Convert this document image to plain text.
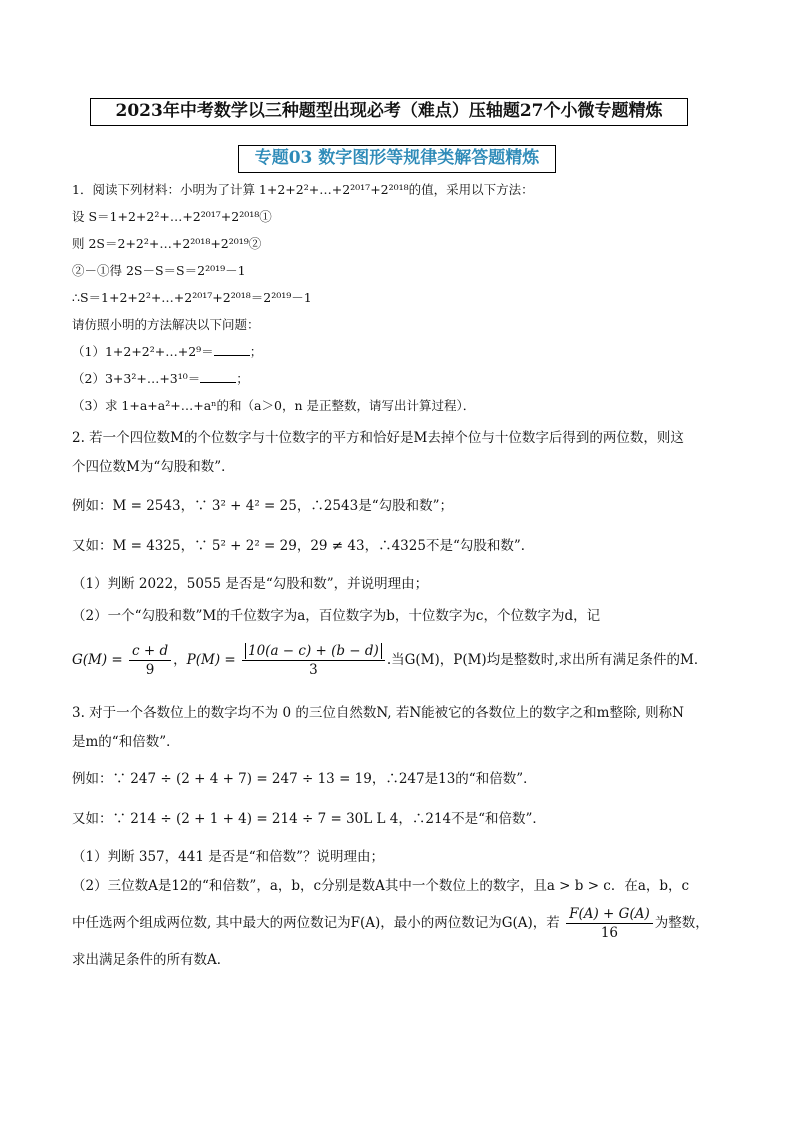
2023年中考数学以三种题型出现必考（难点）压轴题27个小微专题精炼
专题03 数字图形等规律类解答题精炼
1．阅读下列材料：小明为了计算 1+2+2²+…+2²⁰¹⁷+2²⁰¹⁸的值，采用以下方法：
设 S＝1+2+2²+…+2²⁰¹⁷+2²⁰¹⁸①
则 2S＝2+2²+…+2²⁰¹⁸+2²⁰¹⁹②
②－①得 2S－S＝S＝2²⁰¹⁹－1
∴S＝1+2+2²+…+2²⁰¹⁷+2²⁰¹⁸＝2²⁰¹⁹－1
请仿照小明的方法解决以下问题：
（1）1+2+2²+…+2⁹＝	；
（2）3+3²+…+3¹⁰＝	；
（3）求 1+a+a²+…+aⁿ的和（a＞0，n 是正整数，请写出计算过程）．
2. 若一个四位数M的个位数字与十位数字的平方和恰好是M去掉个位与十位数字后得到的两位数，则这
个四位数M为“勾股和数”．
例如：M = 2543，∵ 3² + 4² = 25，∴2543是“勾股和数”；
又如：M = 4325，∵ 5² + 2² = 29，29 ≠ 43，∴4325不是“勾股和数”．
（1）判断 2022，5055 是否是“勾股和数”，并说明理由；
（2）一个“勾股和数”M的千位数字为a，百位数字为b，十位数字为c，个位数字为d，记
$G(M) = \frac{c + d}{9}$ ，$P(M) = \frac{10(a - c) + (b - d)}{3}$ .当G(M)，P(M)均是整数时,求出所有满足条件的M．
3. 对于一个各数位上的数字均不为 0 的三位自然数N, 若N能被它的各数位上的数字之和m整除, 则称N
是m的“和倍数”．
例如：∵ 247 ÷ (2 + 4 + 7) = 247 ÷ 13 = 19，∴247是13的“和倍数”．
又如：∵ 214 ÷ (2 + 1 + 4) = 214 ÷ 7 = 30L L 4，∴214不是“和倍数”．
（1）判断 357，441 是否是“和倍数”？说明理由；
（2）三位数A是12的“和倍数”，a，b，c分别是数A其中一个数位上的数字，且a > b > c．在a，b，c
中任选两个组成两位数, 其中最大的两位数记为F(A)，最小的两位数记为G(A)，若 $\frac{F(A) + G(A)}{16}$ 为整数，
求出满足条件的所有数A．
